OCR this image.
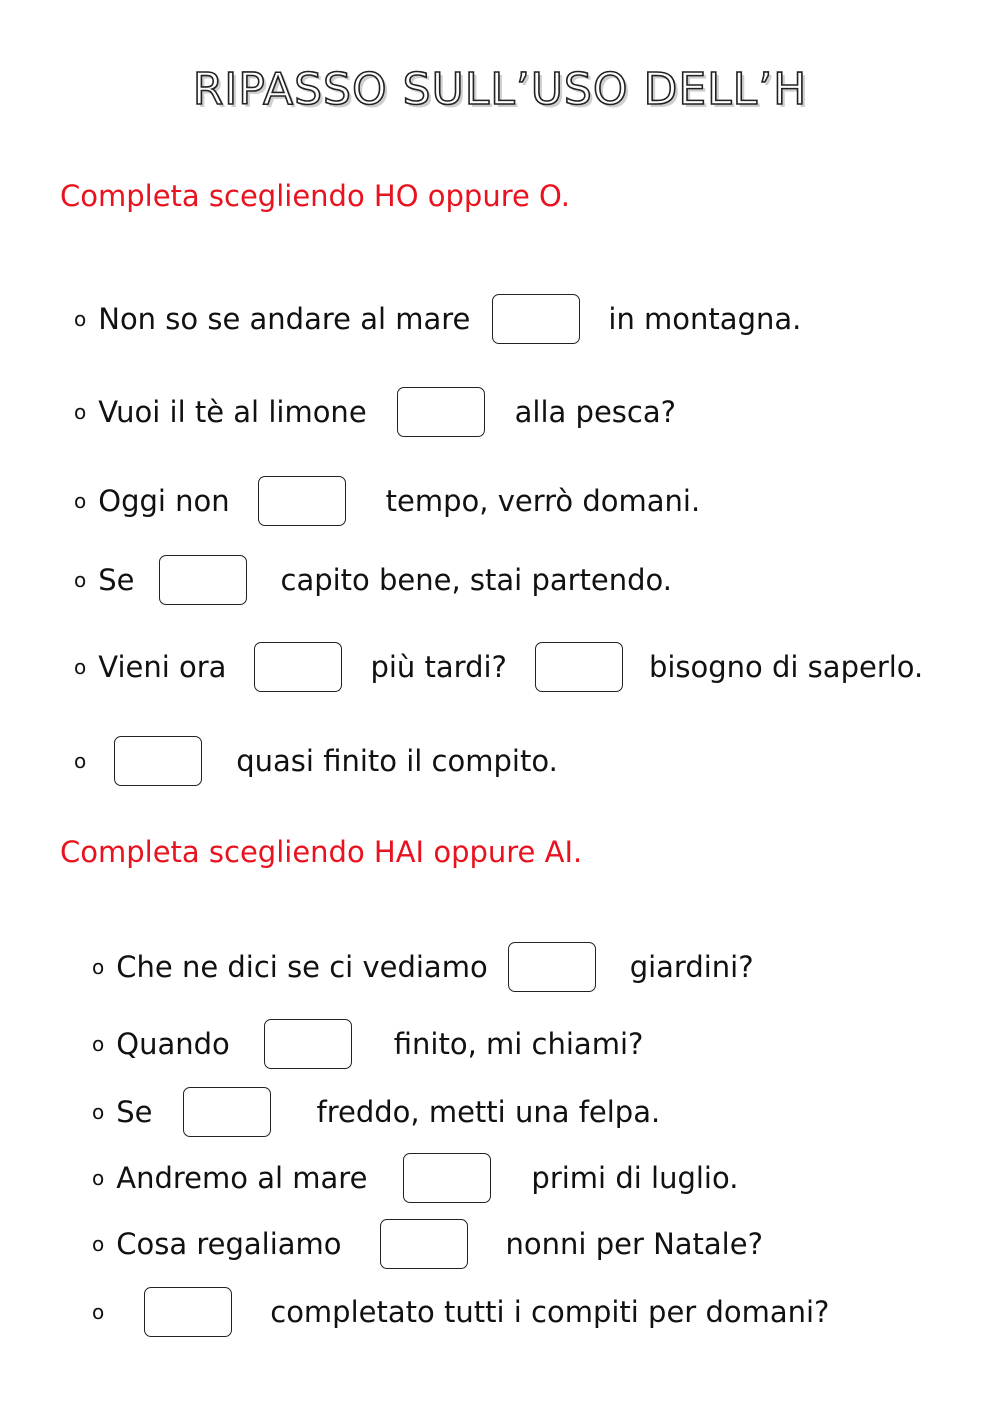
RIPASSO SULL’USO DELL’H
Completa scegliendo HO oppure O.
o Non so se andare al mare	in montagna.
o Vuoi il tè al limone	alla pesca?
o Oggi non	tempo, verrò domani.
o Se	capito bene, stai partendo.
o Vieni ora	più tardi?	bisogno di saperlo.
o	quasi finito il compito.
Completa scegliendo HAI oppure AI.
o Che ne dici se ci vediamo	giardini?
o Quando	finito, mi chiami?
o Se	freddo, metti una felpa.
o Andremo al mare	primi di luglio.
o Cosa regaliamo	nonni per Natale?
o	completato tutti i compiti per domani?
